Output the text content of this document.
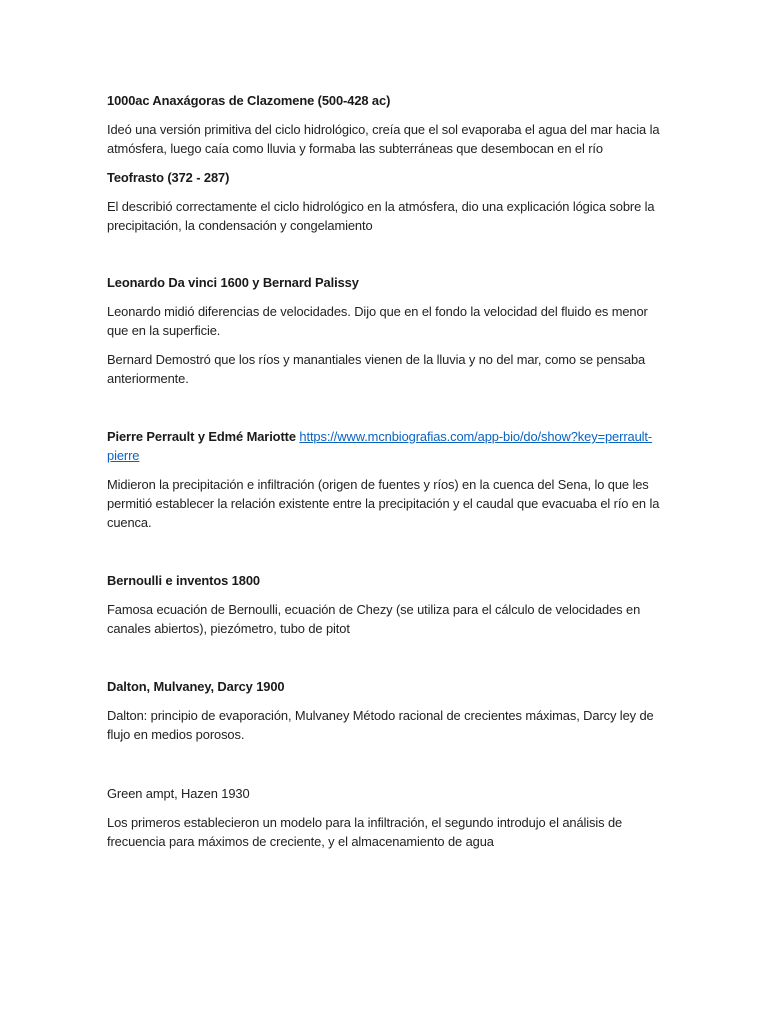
1000ac Anaxágoras de Clazomene (500-428 ac)
Ideó una versión primitiva del ciclo hidrológico, creía que el sol evaporaba el agua del mar hacia la
atmósfera, luego caía como lluvia y formaba las subterráneas que desembocan en el río
Teofrasto (372 - 287)
El describió correctamente el ciclo hidrológico en la atmósfera, dio una explicación lógica sobre la
precipitación, la condensación y congelamiento
Leonardo Da vinci 1600 y Bernard Palissy
Leonardo midió diferencias de velocidades. Dijo que en el fondo la velocidad del fluido es menor
que en la superficie.
Bernard Demostró que los ríos y manantiales vienen de la lluvia y no del mar, como se pensaba
anteriormente.
Pierre Perrault y Edmé Mariotte https://www.mcnbiografias.com/app-bio/do/show?key=perrault-
pierre
Midieron la precipitación e infiltración (origen de fuentes y ríos) en la cuenca del Sena, lo que les
permitió establecer la relación existente entre la precipitación y el caudal que evacuaba el río en la
cuenca.
Bernoulli e inventos 1800
Famosa ecuación de Bernoulli, ecuación de Chezy (se utiliza para el cálculo de velocidades en
canales abiertos), piezómetro, tubo de pitot
Dalton, Mulvaney, Darcy 1900
Dalton: principio de evaporación, Mulvaney Método racional de crecientes máximas, Darcy ley de
flujo en medios porosos.
Green ampt, Hazen 1930
Los primeros establecieron un modelo para la infiltración, el segundo introdujo el análisis de
frecuencia para máximos de creciente, y el almacenamiento de agua
